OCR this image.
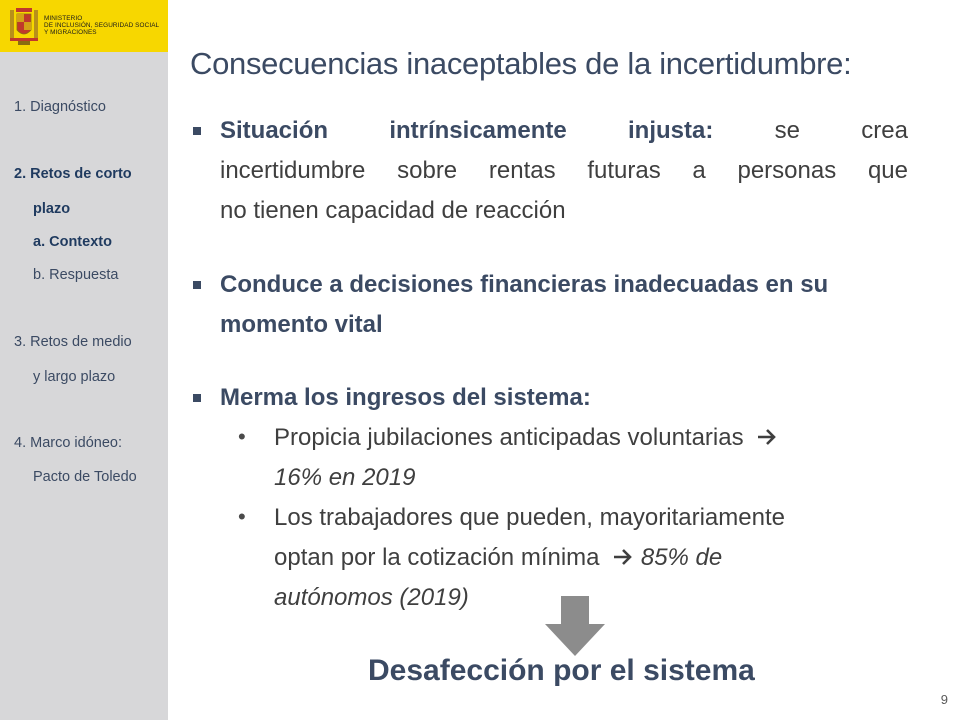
MINISTERIO
DE INCLUSIÓN, SEGURIDAD SOCIAL
Y MIGRACIONES
1. Diagnóstico
2. Retos de corto
plazo
a. Contexto
b. Respuesta
3. Retos de medio
y largo plazo
4. Marco idóneo:
Pacto de Toledo
Consecuencias inaceptables de la incertidumbre:
Situación intrínsicamente injusta:	se crea
incertidumbre sobre rentas futuras a personas que
no tienen capacidad de reacción
Conduce a decisiones financieras inadecuadas en su
momento vital
Merma los ingresos del sistema:
• Propicia jubilaciones anticipadas voluntarias
16% en 2019
• Los trabajadores que pueden, mayoritariamente
optan por la cotización mínima 85% de
autónomos (2019)
Desafección por el sistema
9
